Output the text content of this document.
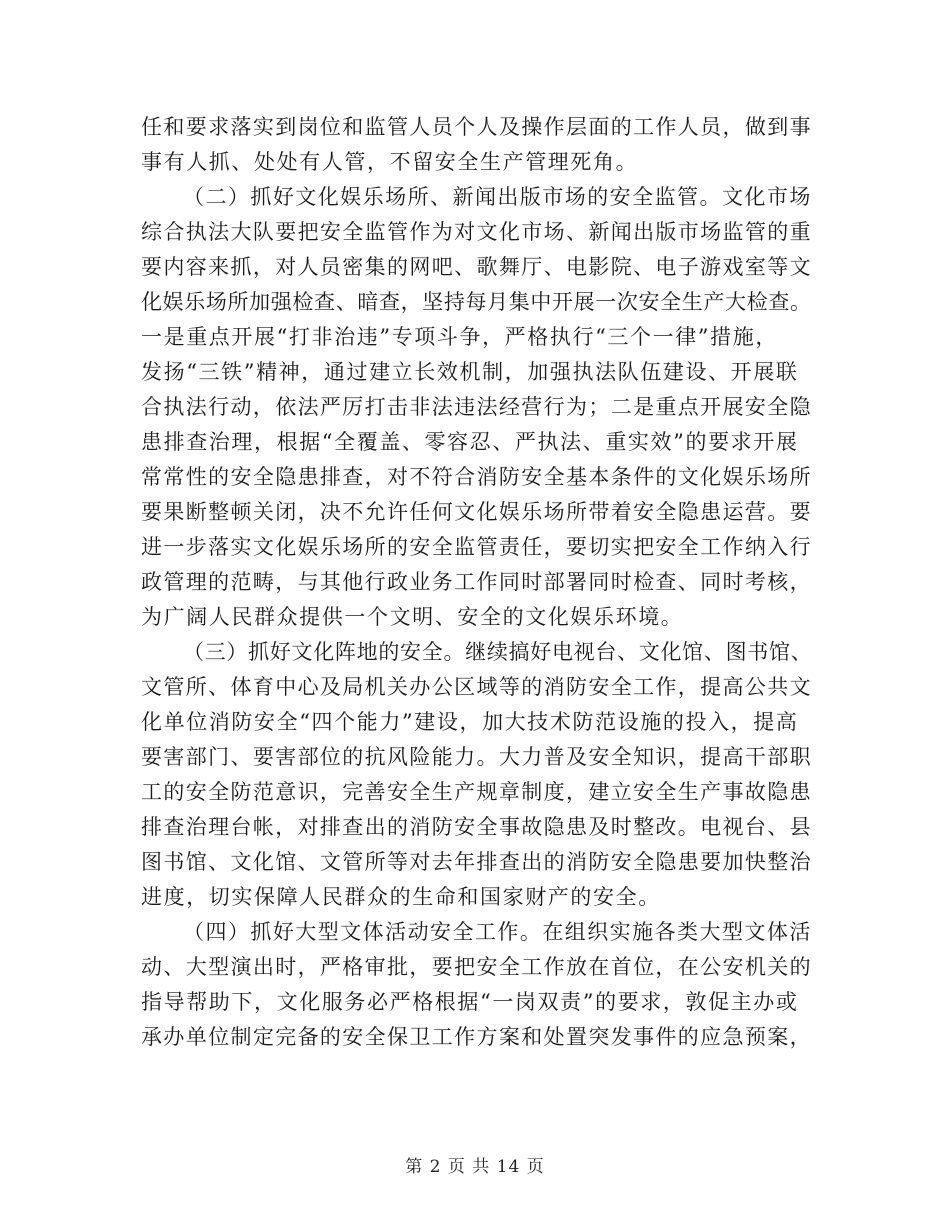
任和要求落实到岗位和监管人员个人及操作层面的工作人员，做到事
事有人抓、处处有人管，不留安全生产管理死角。
（二）抓好文化娱乐场所、新闻出版市场的安全监管。文化市场
综合执法大队要把安全监管作为对文化市场、新闻出版市场监管的重
要内容来抓，对人员密集的网吧、歌舞厅、电影院、电子游戏室等文
化娱乐场所加强检查、暗查，坚持每月集中开展一次安全生产大检查。
一是重点开展“打非治违”专项斗争，严格执行“三个一律”措施，
发扬“三铁”精神，通过建立长效机制，加强执法队伍建设、开展联
合执法行动，依法严厉打击非法违法经营行为；二是重点开展安全隐
患排查治理，根据“全覆盖、零容忍、严执法、重实效”的要求开展
常常性的安全隐患排查，对不符合消防安全基本条件的文化娱乐场所
要果断整顿关闭，决不允许任何文化娱乐场所带着安全隐患运营。要
进一步落实文化娱乐场所的安全监管责任，要切实把安全工作纳入行
政管理的范畴，与其他行政业务工作同时部署同时检查、同时考核，
为广阔人民群众提供一个文明、安全的文化娱乐环境。
（三）抓好文化阵地的安全。继续搞好电视台、文化馆、图书馆、
文管所、体育中心及局机关办公区域等的消防安全工作，提高公共文
化单位消防安全“四个能力”建设，加大技术防范设施的投入，提高
要害部门、要害部位的抗风险能力。大力普及安全知识，提高干部职
工的安全防范意识，完善安全生产规章制度，建立安全生产事故隐患
排查治理台帐，对排查出的消防安全事故隐患及时整改。电视台、县
图书馆、文化馆、文管所等对去年排查出的消防安全隐患要加快整治
进度，切实保障人民群众的生命和国家财产的安全。
（四）抓好大型文体活动安全工作。在组织实施各类大型文体活
动、大型演出时，严格审批，要把安全工作放在首位，在公安机关的
指导帮助下，文化服务必严格根据“一岗双责”的要求，敦促主办或
承办单位制定完备的安全保卫工作方案和处置突发事件的应急预案，
第 2 页 共 14 页
